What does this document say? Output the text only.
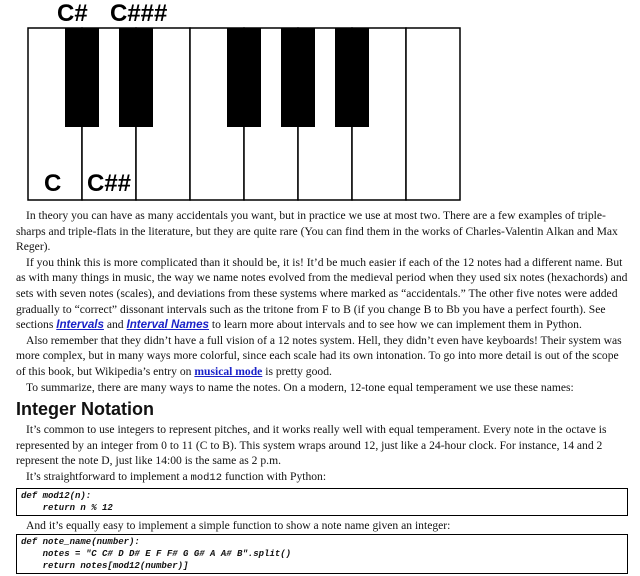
C# C###
C C##

In theory you can have as many accidentals you want, but in practice we use at most two. There are a few examples of triple-sharps and triple-flats in the literature, but they are quite rare (You can find them in the works of Charles-Valentin Alkan and Max Reger).

If you think this is more complicated than it should be, it is! It’d be much easier if each of the 12 notes had a different name. But as with many things in music, the way we name notes evolved from the medieval period when they used six notes (hexachords) and sets with seven notes (scales), and deviations from these systems where marked as “accidentals.” The other five notes were added gradually to “correct” dissonant intervals such as the tritone from F to B (if you change B to Bb you have a perfect fourth). See sections Intervals and Interval Names to learn more about intervals and to see how we can implement them in Python.

Also remember that they didn’t have a full vision of a 12 notes system. Hell, they didn’t even have keyboards! Their system was more complex, but in many ways more colorful, since each scale had its own intonation. To go into more detail is out of the scope of this book, but Wikipedia’s entry on musical mode is pretty good.

To summarize, there are many ways to name the notes. On a modern, 12-tone equal temperament we use these names:

Integer Notation

It’s common to use integers to represent pitches, and it works really well with equal temperament. Every note in the octave is represented by an integer from 0 to 11 (C to B). This system wraps around 12, just like a 24-hour clock. For instance, 14 and 2 represent the note D, just like 14:00 is the same as 2 p.m.

It’s straightforward to implement a mod12 function with Python:

def mod12(n):
return n % 12

And it’s equally easy to implement a simple function to show a note name given an integer:

def note_name(number):
notes = "C C# D D# E F F# G G# A A# B".split()
return notes[mod12(number)]
